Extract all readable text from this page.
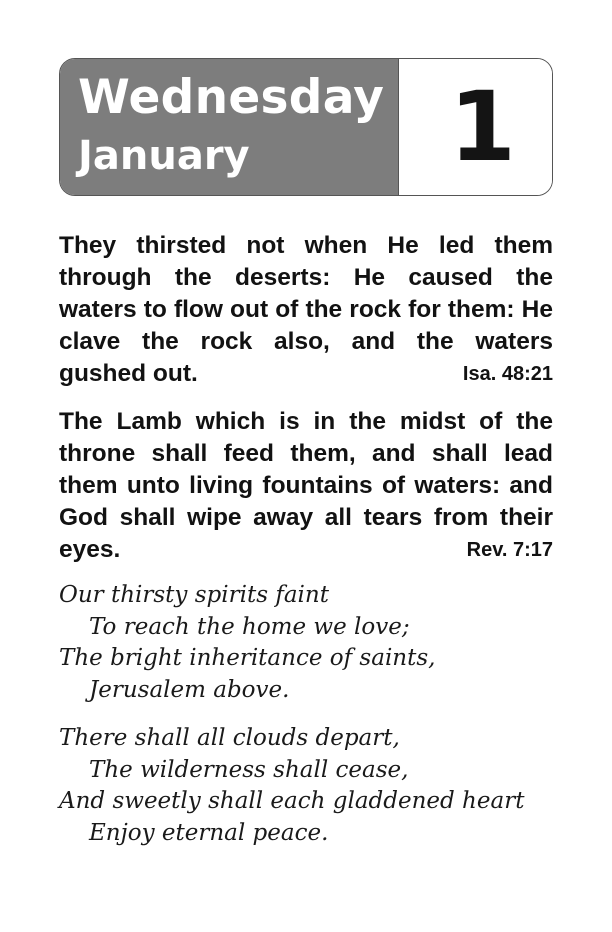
Wednesday
January 1
They thirsted not when He led them through the deserts: He caused the waters to flow out of the rock for them: He clave the rock also, and the waters gushed out.	Isa. 48:21
The Lamb which is in the midst of the throne shall feed them, and shall lead them unto living fountains of waters: and God shall wipe away all tears from their eyes.	Rev. 7:17
Our thirsty spirits faint
To reach the home we love;
The bright inheritance of saints,
Jerusalem above.
There shall all clouds depart,
The wilderness shall cease,
And sweetly shall each gladdened heart
Enjoy eternal peace.
